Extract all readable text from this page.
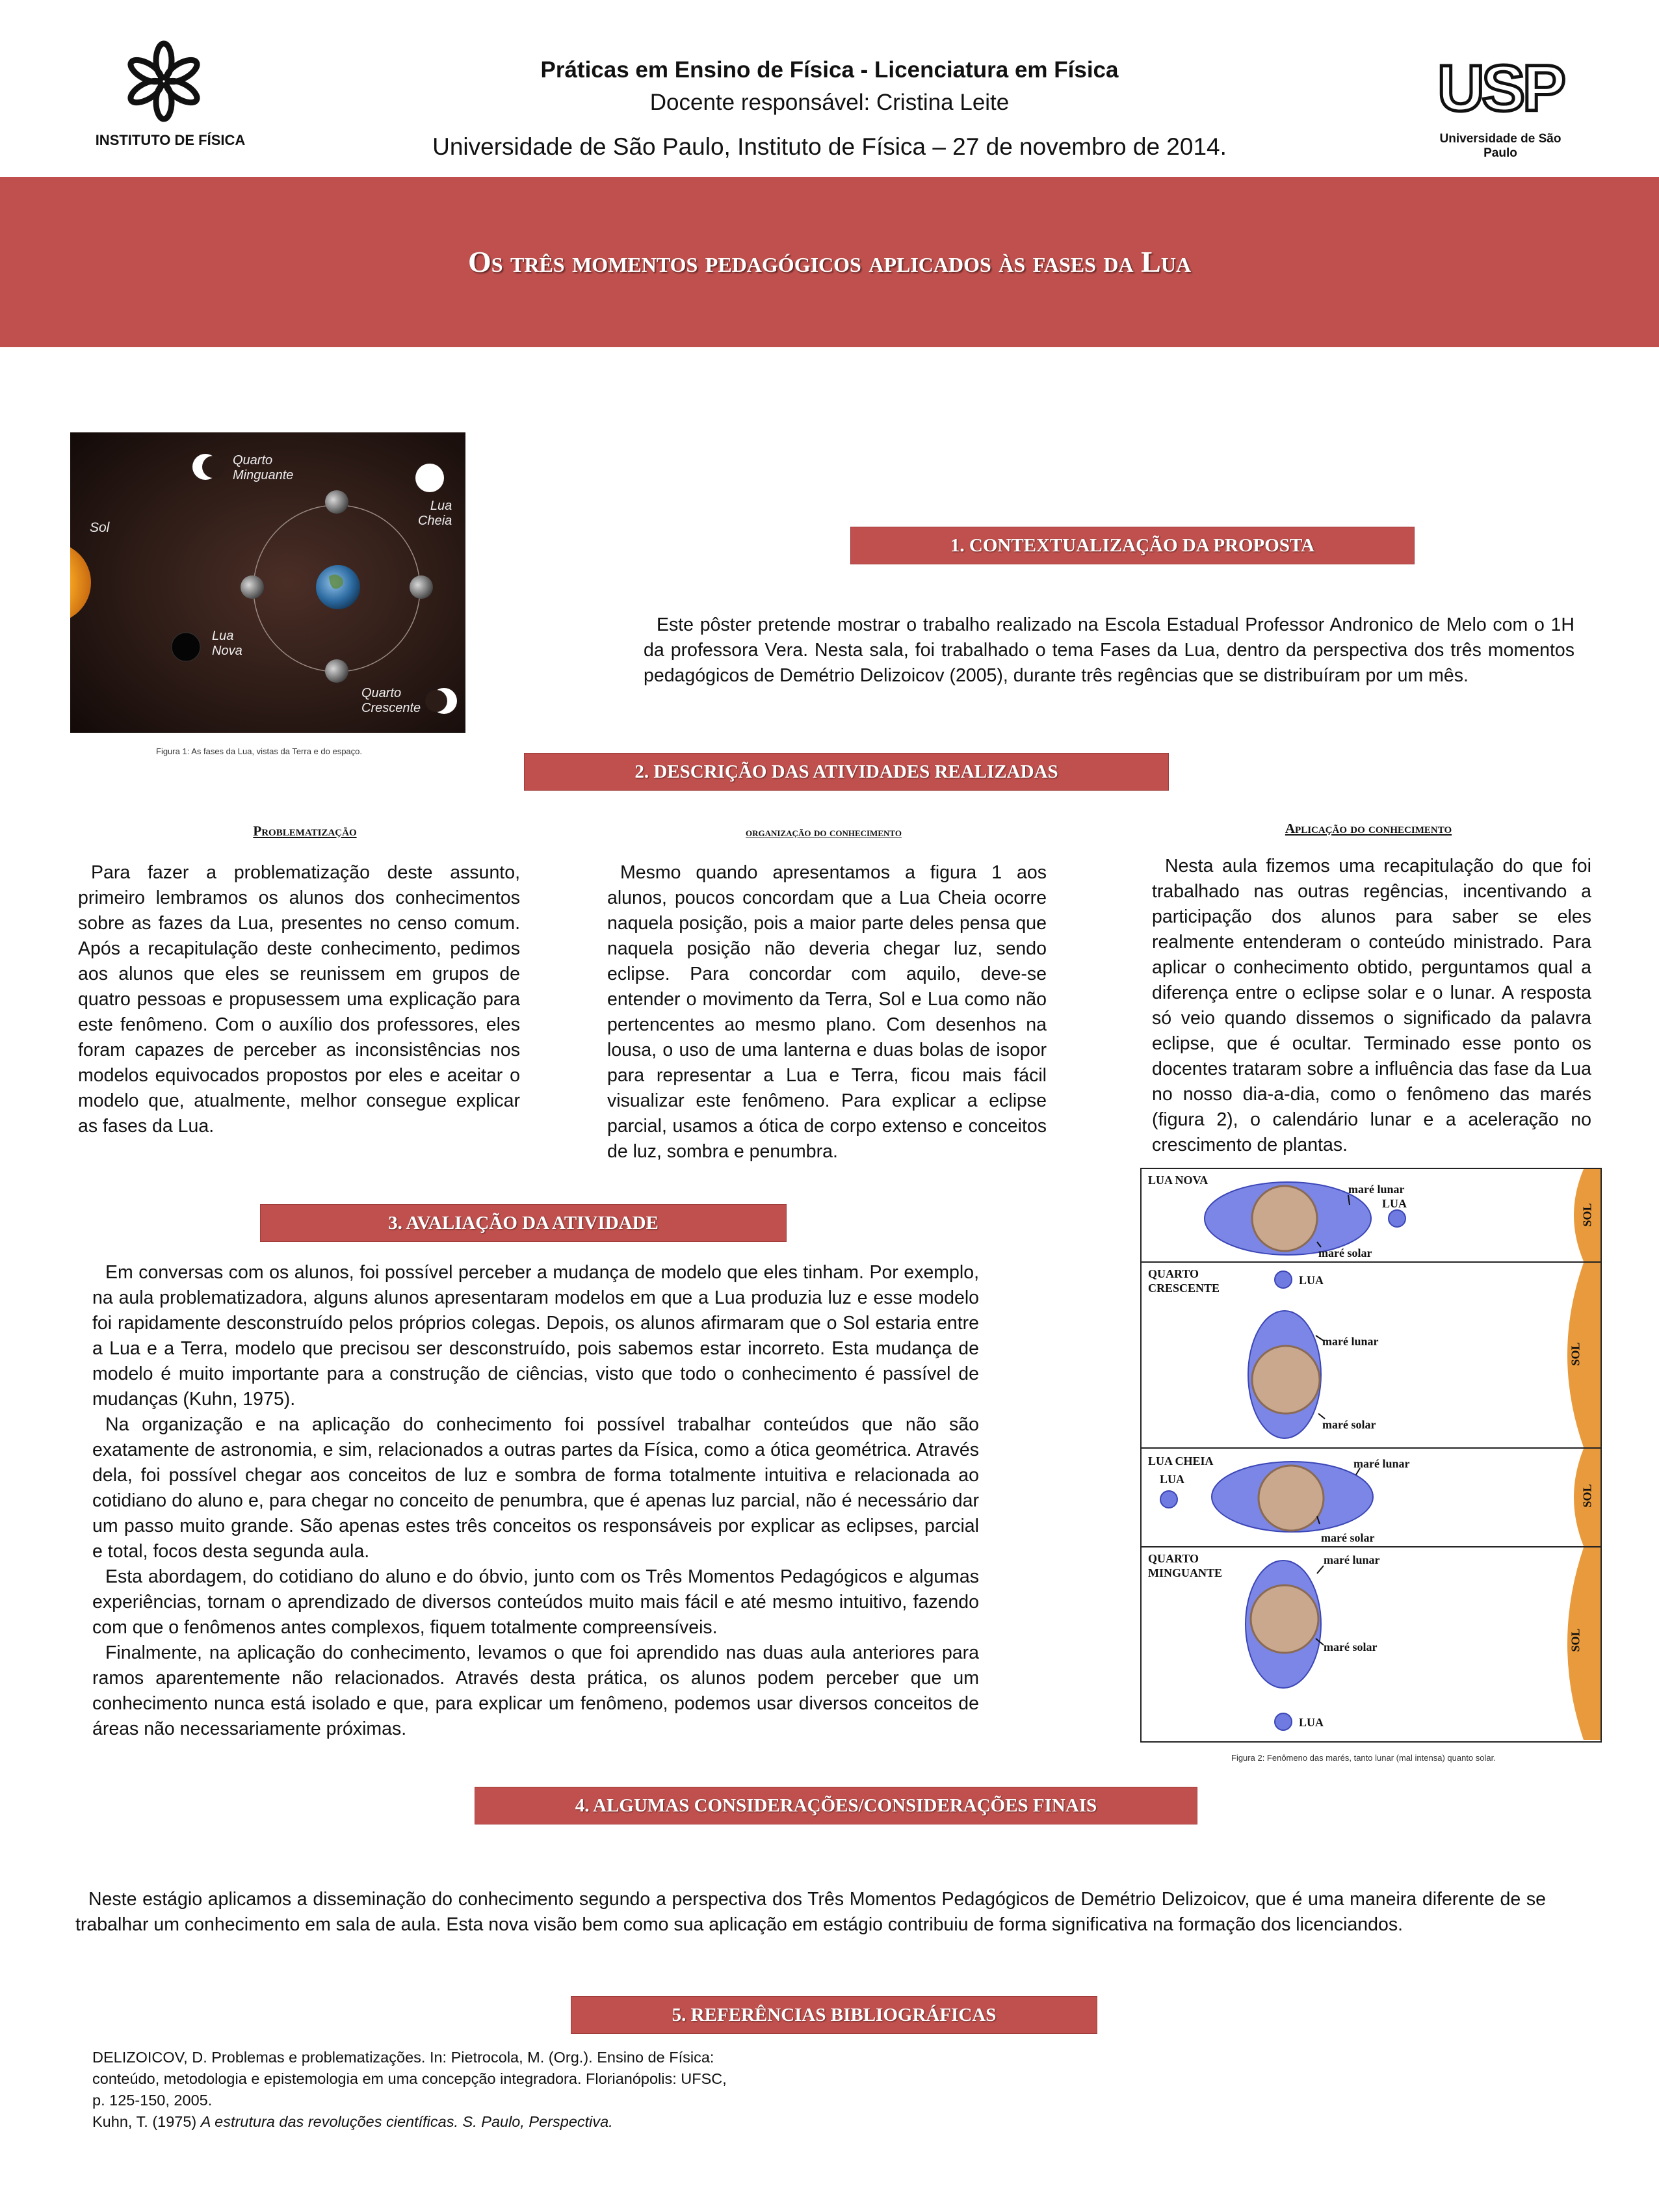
INSTITUTO DE FÍSICA
Práticas em Ensino de Física - Licenciatura em Física
Docente responsável: Cristina Leite
Universidade de São Paulo, Instituto de Física – 27 de novembro de 2014.
USP
Universidade de São Paulo
Os três momentos pedagógicos aplicados às fases da Lua
Sol
Quarto
Minguante
Lua
Cheia
Lua
Nova
Quarto
Crescente
Figura 1: As fases da Lua, vistas da Terra e do espaço.
1. CONTEXTUALIZAÇÃO DA PROPOSTA

Este pôster pretende mostrar o trabalho realizado na Escola Estadual Professor Andronico de Melo com o 1H da professora Vera. Nesta sala, foi trabalhado o tema Fases da Lua, dentro da perspectiva dos três momentos pedagógicos de Demétrio Delizoicov (2005), durante três regências que se distribuíram por um mês.

2. DESCRIÇÃO DAS ATIVIDADES REALIZADAS
Problematização

Para fazer a problematização deste assunto, primeiro lembramos os alunos dos conhecimentos sobre as fazes da Lua, presentes no censo comum. Após a recapitulação deste conhecimento, pedimos aos alunos que eles se reunissem em grupos de quatro pessoas e propusessem uma explicação para este fenômeno. Com o auxílio dos professores, eles foram capazes de perceber as inconsistências nos modelos equivocados propostos por eles e aceitar o modelo que, atualmente, melhor consegue explicar as fases da Lua.

organização do conhecimento

Mesmo quando apresentamos a figura 1 aos alunos, poucos concordam que a Lua Cheia ocorre naquela posição, pois a maior parte deles pensa que naquela posição não deveria chegar luz, sendo eclipse. Para concordar com aquilo, deve-se entender o movimento da Terra, Sol e Lua como não pertencentes ao mesmo plano. Com desenhos na lousa, o uso de uma lanterna e duas bolas de isopor para representar a Lua e Terra, ficou mais fácil visualizar este fenômeno. Para explicar a eclipse parcial, usamos a ótica de corpo extenso e conceitos de luz, sombra e penumbra.

Aplicação do conhecimento

Nesta aula fizemos uma recapitulação do que foi trabalhado nas outras regências, incentivando a participação dos alunos para saber se eles realmente entenderam o conteúdo ministrado. Para aplicar o conhecimento obtido, perguntamos qual a diferença entre o eclipse solar e o lunar. A resposta só veio quando dissemos o significado da palavra eclipse, que é ocultar. Terminado esse ponto os docentes trataram sobre a influência das fase da Lua no nosso dia-a-dia, como o fenômeno das marés (figura 2), o calendário lunar e a aceleração no crescimento de plantas.

3. AVALIAÇÃO DA ATIVIDADE

Em conversas com os alunos, foi possível perceber a mudança de modelo que eles tinham. Por exemplo, na aula problematizadora, alguns alunos apresentaram modelos em que a Lua produzia luz e esse modelo foi rapidamente desconstruído pelos próprios colegas. Depois, os alunos afirmaram que o Sol estaria entre a Lua e a Terra, modelo que precisou ser desconstruído, pois sabemos estar incorreto. Esta mudança de modelo é muito importante para a construção de ciências, visto que todo o conhecimento é passível de mudanças (Kuhn, 1975).

Na organização e na aplicação do conhecimento foi possível trabalhar conteúdos que não são exatamente de astronomia, e sim, relacionados a outras partes da Física, como a ótica geométrica. Através dela, foi possível chegar aos conceitos de luz e sombra de forma totalmente intuitiva e relacionada ao cotidiano do aluno e, para chegar no conceito de penumbra, que é apenas luz parcial, não é necessário dar um passo muito grande. São apenas estes três conceitos os responsáveis por explicar as eclipses, parcial e total, focos desta segunda aula.

Esta abordagem, do cotidiano do aluno e do óbvio, junto com os Três Momentos Pedagógicos e algumas experiências, tornam o aprendizado de diversos conteúdos muito mais fácil e até mesmo intuitivo, fazendo com que o fenômenos antes complexos, fiquem totalmente compreensíveis.

Finalmente, na aplicação do conhecimento, levamos o que foi aprendido nas duas aula anteriores para ramos aparentemente não relacionados. Através desta prática, os alunos podem perceber que um conhecimento nunca está isolado e que, para explicar um fenômeno, podemos usar diversos conceitos de áreas não necessariamente próximas.

LUA NOVA
maré lunar
LUA
maré solar
SOL
QUARTO CRESCENTE
LUA
maré lunar
maré solar
SOL
LUA CHEIA
LUA
maré lunar
maré solar
SOL
QUARTO MINGUANTE
maré lunar
maré solar
LUA
SOL
Figura 2: Fenômeno das marés, tanto lunar (mal intensa) quanto solar.
4. ALGUMAS CONSIDERAÇÕES/CONSIDERAÇÕES FINAIS

Neste estágio aplicamos a disseminação do conhecimento segundo a perspectiva dos Três Momentos Pedagógicos de Demétrio Delizoicov, que é uma maneira diferente de se trabalhar um conhecimento em sala de aula. Esta nova visão bem como sua aplicação em estágio contribuiu de forma significativa na formação dos licenciandos.

5. REFERÊNCIAS BIBLIOGRÁFICAS
DELIZOICOV, D. Problemas e problematizações. In: Pietrocola, M. (Org.). Ensino de Física:
conteúdo, metodologia e epistemologia em uma concepção integradora. Florianópolis: UFSC,
p. 125-150, 2005.
Kuhn, T. (1975) A estrutura das revoluções científicas. S. Paulo, Perspectiva.
